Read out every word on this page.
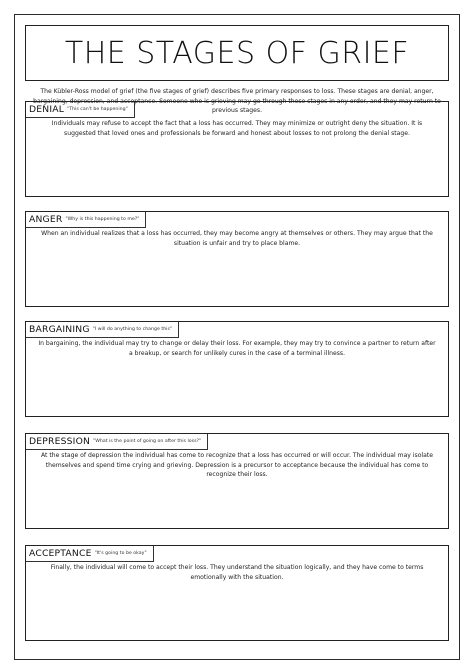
THE STAGES OF GRIEF

The Kübler-Ross model of grief (the five stages of grief) describes five primary responses to loss. These stages are denial, anger, bargaining, depression, and acceptance. Someone who is grieving may go through these stages in any order, and they may return to previous stages.

DENIAL "This can't be happening"

Individuals may refuse to accept the fact that a loss has occurred. They may minimize or outright deny the situation. It is suggested that loved ones and professionals be forward and honest about losses to not prolong the denial stage.

ANGER "Why is this happening to me?"

When an individual realizes that a loss has occurred, they may become angry at themselves or others. They may argue that the situation is unfair and try to place blame.

BARGAINING "I will do anything to change this"

In bargaining, the individual may try to change or delay their loss. For example, they may try to convince a partner to return after a breakup, or search for unlikely cures in the case of a terminal illness.

DEPRESSION "What is the point of going on after this loss?"

At the stage of depression the individual has come to recognize that a loss has occurred or will occur. The individual may isolate themselves and spend time crying and grieving. Depression is a precursor to acceptance because the individual has come to recognize their loss.

ACCEPTANCE "It's going to be okay"

Finally, the individual will come to accept their loss. They understand the situation logically, and they have come to terms emotionally with the situation.
